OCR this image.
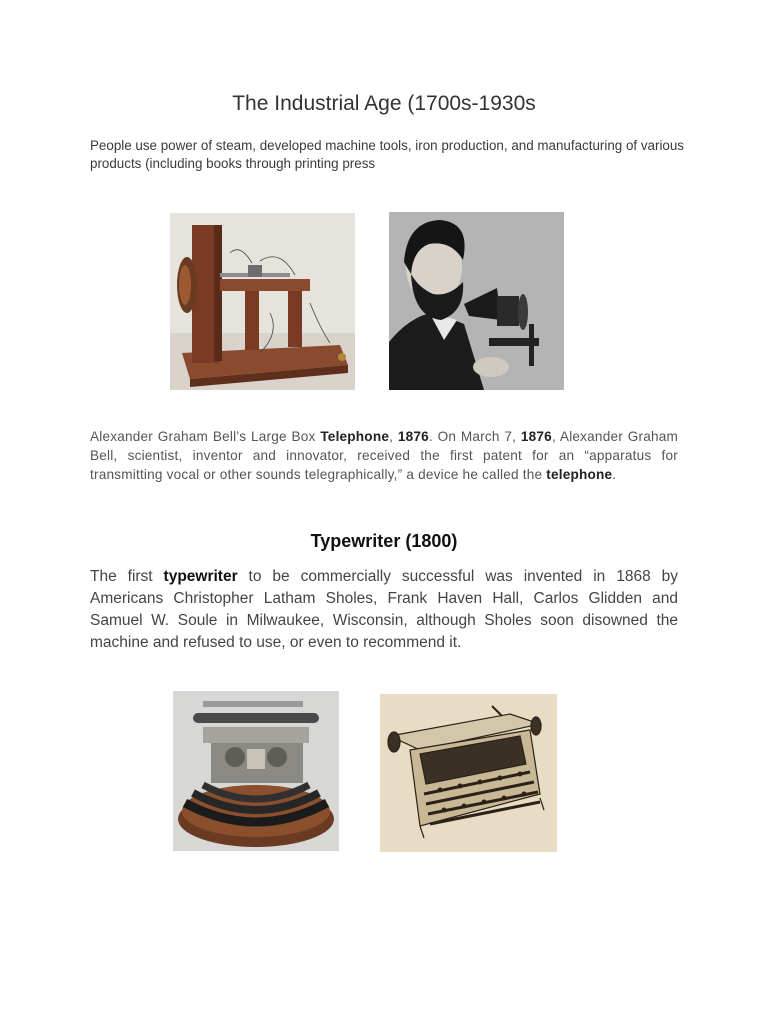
The Industrial Age (1700s-1930s
People use power of steam, developed machine tools, iron production, and manufacturing of various products (including books through printing press
Alexander Graham Bell’s Large Box Telephone, 1876. On March 7, 1876, Alexander Graham Bell, scientist, inventor and innovator, received the first patent for an “apparatus for transmitting vocal or other sounds telegraphically,” a device he called the telephone.
Typewriter (1800)
The first typewriter to be commercially successful was invented in 1868 by Americans Christopher Latham Sholes, Frank Haven Hall, Carlos Glidden and Samuel W. Soule in Milwaukee, Wisconsin, although Sholes soon disowned the machine and refused to use, or even to recommend it.
